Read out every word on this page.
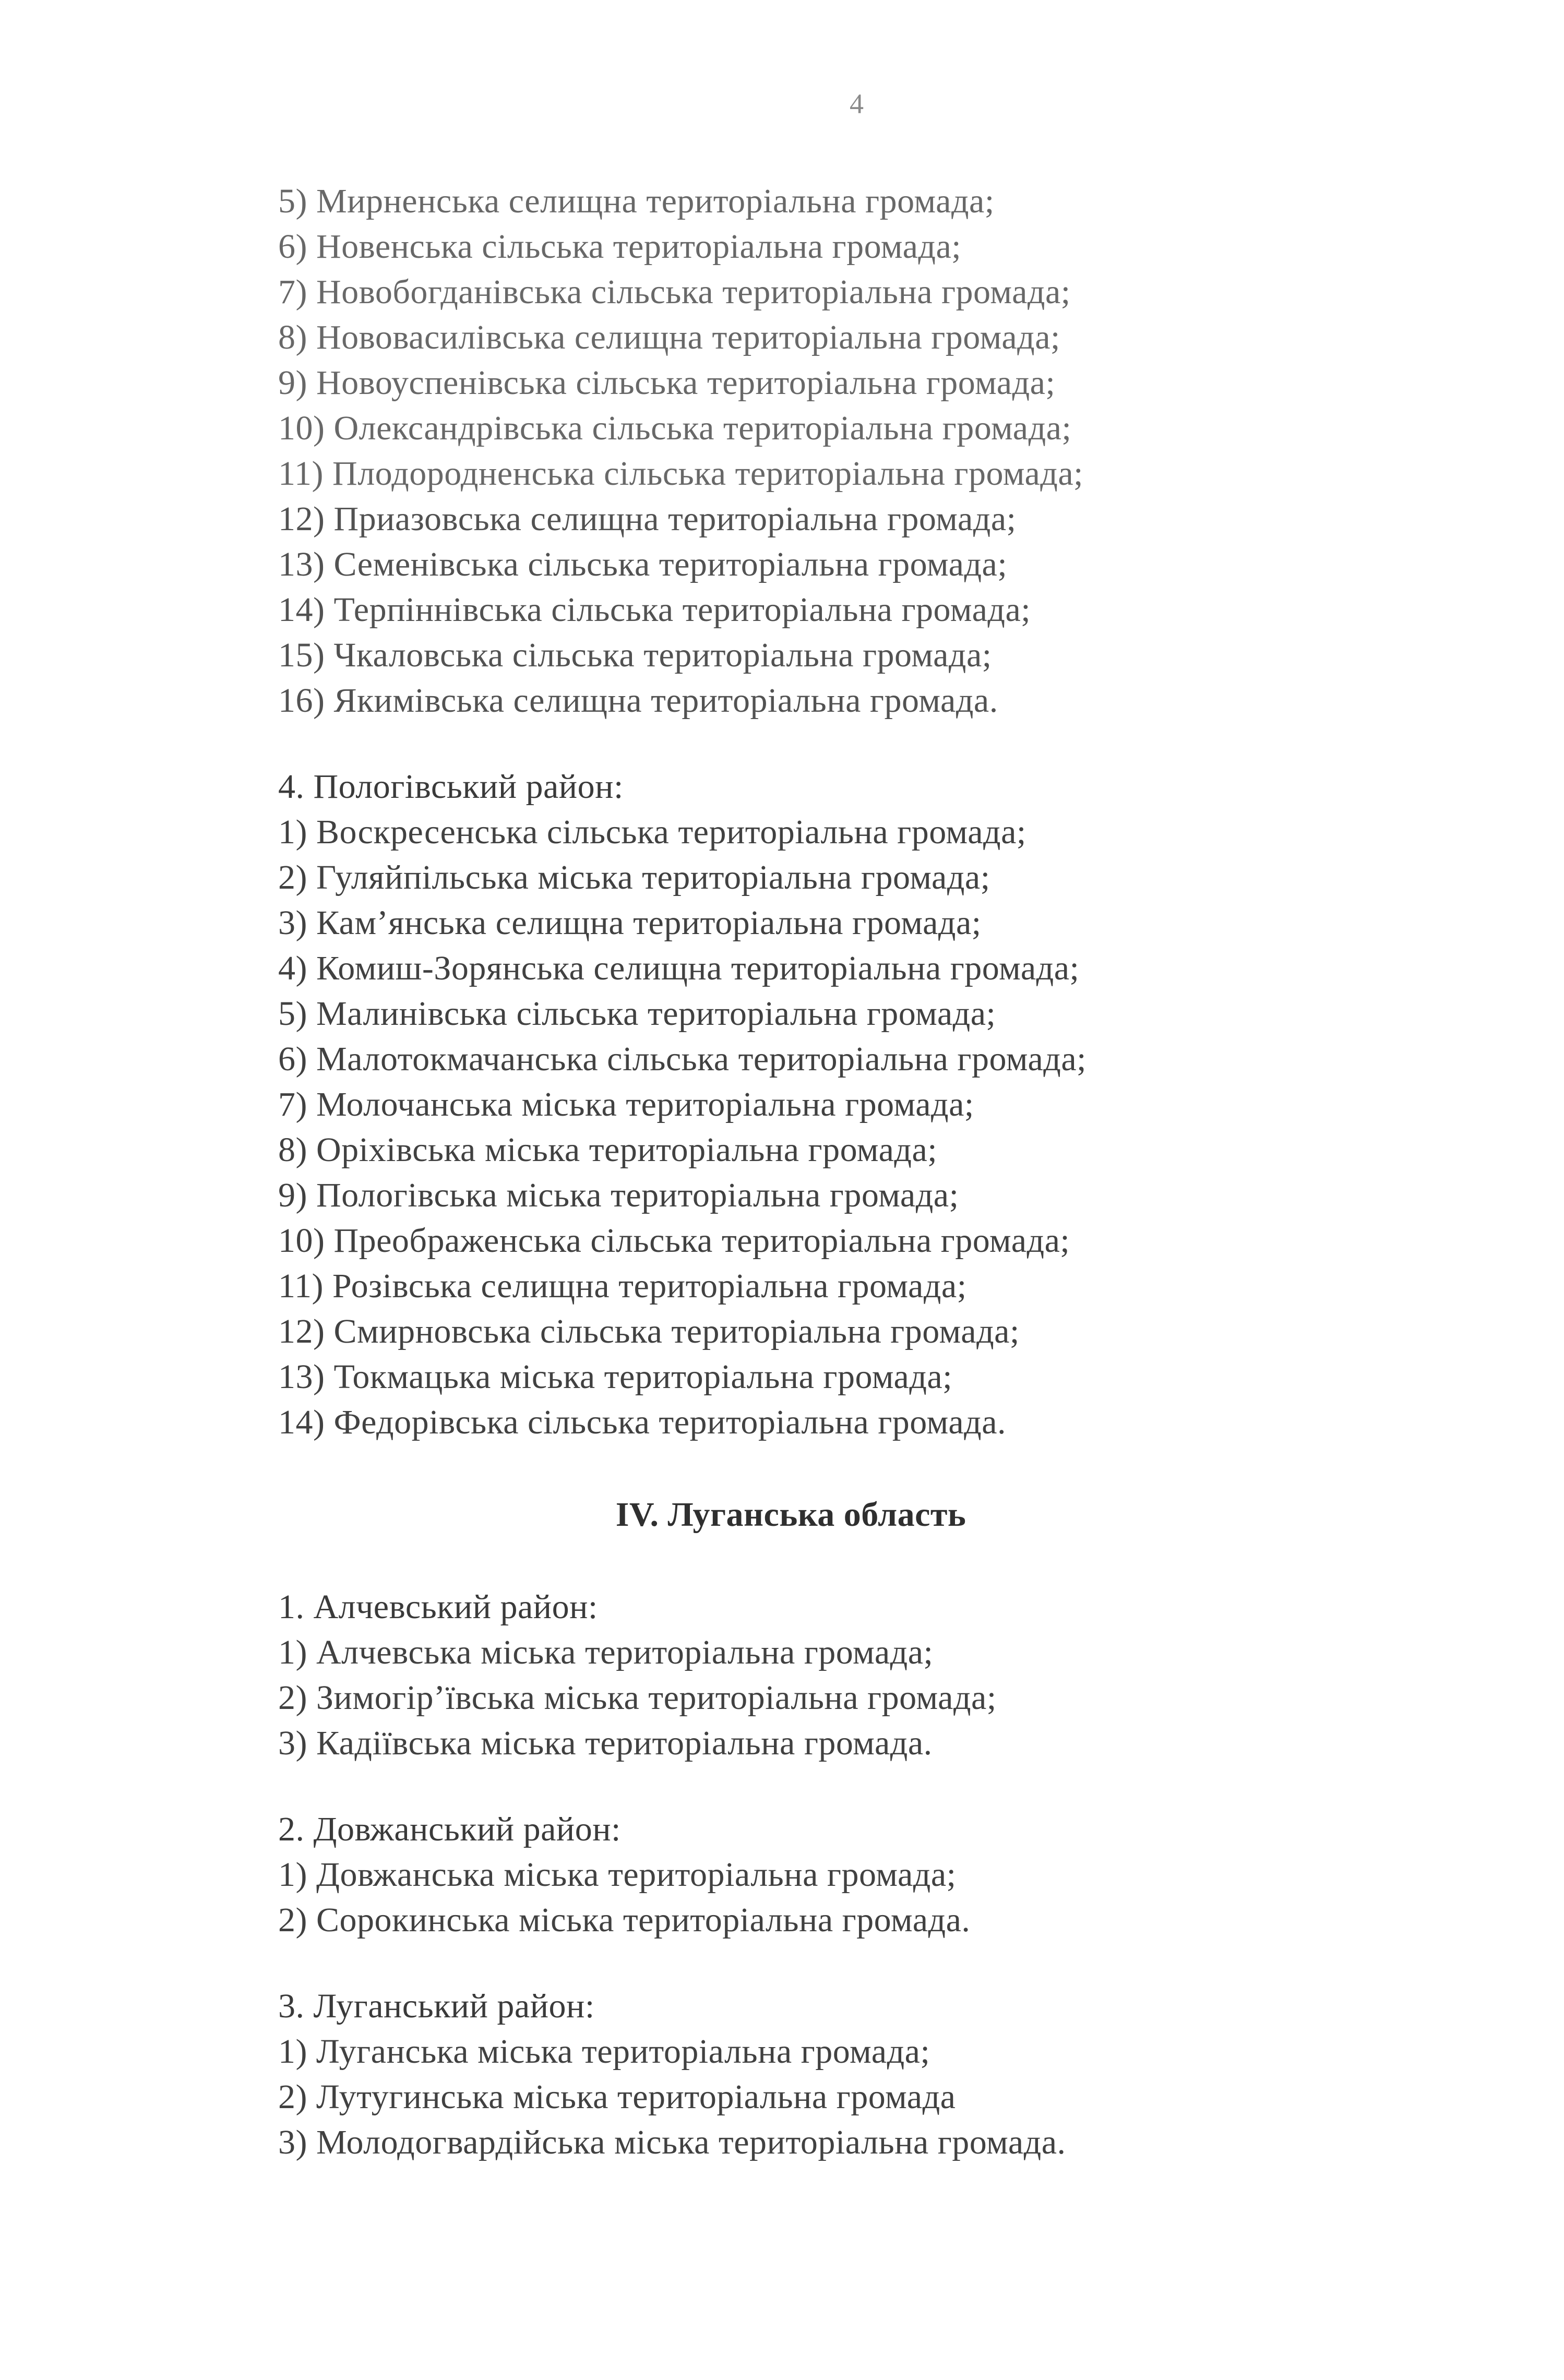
4
5) Мирненська селищна територіальна громада;
6) Новенська сільська територіальна громада;
7) Новобогданівська сільська територіальна громада;
8) Нововасилівська селищна територіальна громада;
9) Новоуспенівська сільська територіальна громада;
10) Олександрівська сільська територіальна громада;
11) Плодородненська сільська територіальна громада;
12) Приазовська селищна територіальна громада;
13) Семенівська сільська територіальна громада;
14) Терпіннівська сільська територіальна громада;
15) Чкаловська сільська територіальна громада;
16) Якимівська селищна територіальна громада.
4. Пологівський район:
1) Воскресенська сільська територіальна громада;
2) Гуляйпільська міська територіальна громада;
3) Кам’янська селищна територіальна громада;
4) Комиш-Зорянська селищна територіальна громада;
5) Малинівська сільська територіальна громада;
6) Малотокмачанська сільська територіальна громада;
7) Молочанська міська територіальна громада;
8) Оріхівська міська територіальна громада;
9) Пологівська міська територіальна громада;
10) Преображенська сільська територіальна громада;
11) Розівська селищна територіальна громада;
12) Смирновська сільська територіальна громада;
13) Токмацька міська територіальна громада;
14) Федорівська сільська територіальна громада.
IV. Луганська область
1. Алчевський район:
1) Алчевська міська територіальна громада;
2) Зимогір’ївська міська територіальна громада;
3) Кадіївська міська територіальна громада.
2. Довжанський район:
1) Довжанська міська територіальна громада;
2) Сорокинська міська територіальна громада.
3. Луганський район:
1) Луганська міська територіальна громада;
2) Лутугинська міська територіальна громада
3) Молодогвардійська міська територіальна громада.
